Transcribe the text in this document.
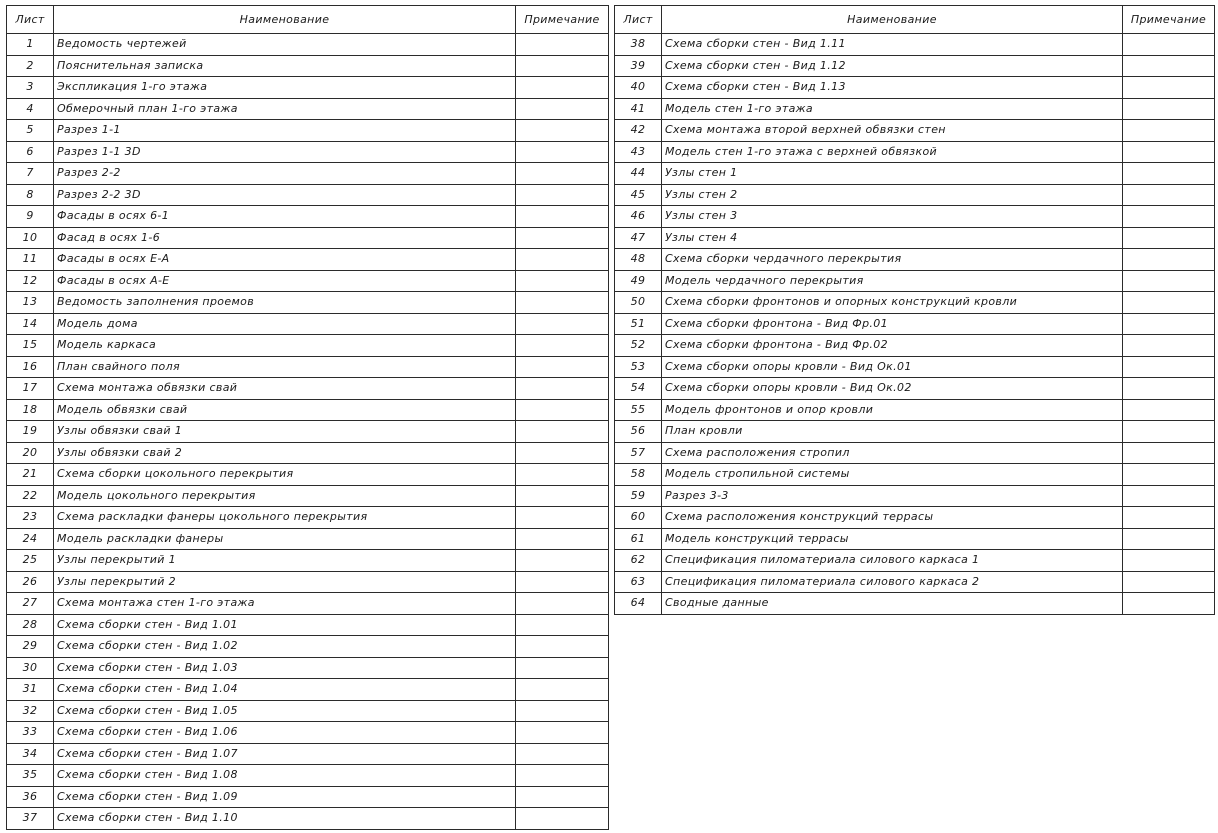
Лист	Наименование	Примечание
1	Ведомость чертежей	
2	Пояснительная записка	
3	Экспликация 1-го этажа	
4	Обмерочный план 1-го этажа	
5	Разрез 1-1	
6	Разрез 1-1 3D	
7	Разрез 2-2	
8	Разрез 2-2 3D	
9	Фасады в осях 6-1	
10	Фасад в осях 1-6	
11	Фасады в осях Е-А	
12	Фасады в осях А-Е	
13	Ведомость заполнения проемов	
14	Модель дома	
15	Модель каркаса	
16	План свайного поля	
17	Схема монтажа обвязки свай	
18	Модель обвязки свай	
19	Узлы обвязки свай 1	
20	Узлы обвязки свай 2	
21	Схема сборки цокольного перекрытия	
22	Модель цокольного перекрытия	
23	Схема раскладки фанеры цокольного перекрытия	
24	Модель раскладки фанеры	
25	Узлы перекрытий 1	
26	Узлы перекрытий 2	
27	Схема монтажа стен 1-го этажа	
28	Схема сборки стен - Вид 1.01	
29	Схема сборки стен - Вид 1.02	
30	Схема сборки стен - Вид 1.03	
31	Схема сборки стен - Вид 1.04	
32	Схема сборки стен - Вид 1.05	
33	Схема сборки стен - Вид 1.06	
34	Схема сборки стен - Вид 1.07	
35	Схема сборки стен - Вид 1.08	
36	Схема сборки стен - Вид 1.09	
37	Схема сборки стен - Вид 1.10	
Лист	Наименование	Примечание
38	Схема сборки стен - Вид 1.11	
39	Схема сборки стен - Вид 1.12	
40	Схема сборки стен - Вид 1.13	
41	Модель стен 1-го этажа	
42	Схема монтажа второй верхней обвязки стен	
43	Модель стен 1-го этажа с верхней обвязкой	
44	Узлы стен 1	
45	Узлы стен 2	
46	Узлы стен 3	
47	Узлы стен 4	
48	Схема сборки чердачного перекрытия	
49	Модель чердачного перекрытия	
50	Схема сборки фронтонов и опорных конструкций кровли	
51	Схема сборки фронтона - Вид Фр.01	
52	Схема сборки фронтона - Вид Фр.02	
53	Схема сборки опоры кровли - Вид Ок.01	
54	Схема сборки опоры кровли - Вид Ок.02	
55	Модель фронтонов и опор кровли	
56	План кровли	
57	Схема расположения стропил	
58	Модель стропильной системы	
59	Разрез 3-3	
60	Схема расположения конструкций террасы	
61	Модель конструкций террасы	
62	Спецификация пиломатериала силового каркаса 1	
63	Спецификация пиломатериала силового каркаса 2	
64	Сводные данные	
